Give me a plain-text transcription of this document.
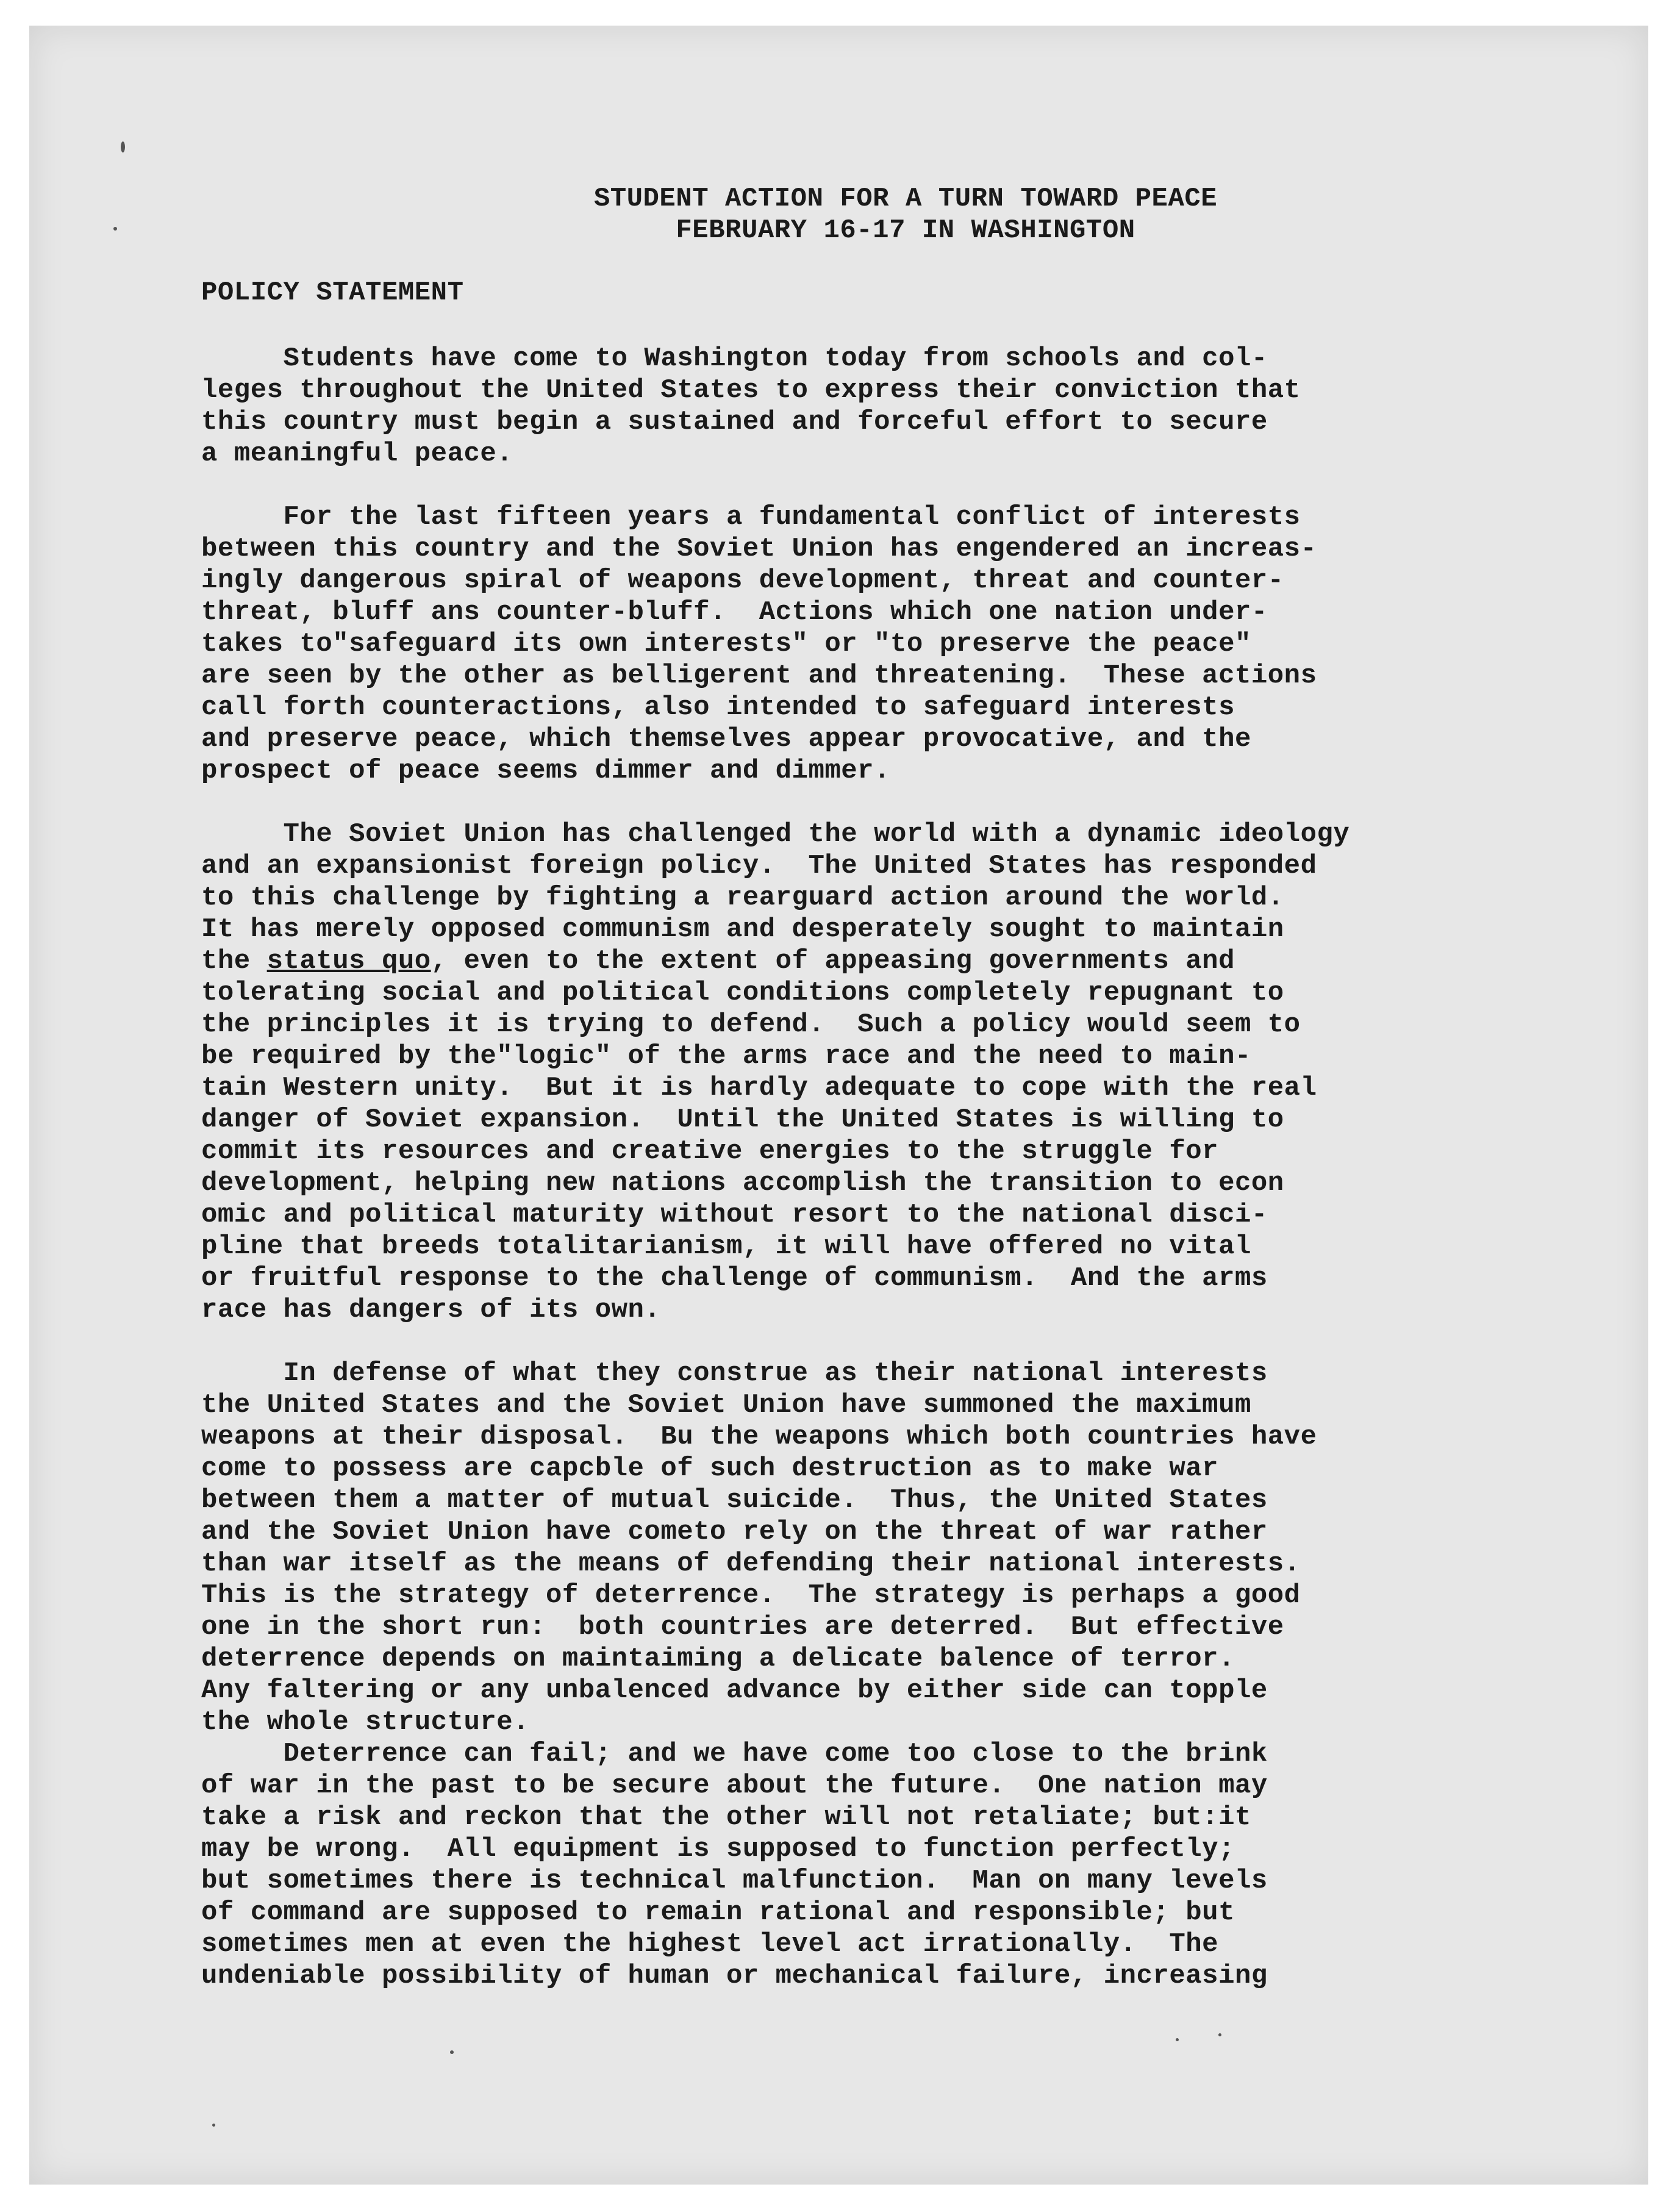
STUDENT ACTION FOR A TURN TOWARD PEACE
FEBRUARY 16-17 IN WASHINGTON
POLICY STATEMENT
Students have come to Washington today from schools and col-
leges throughout the United States to express their conviction that
this country must begin a sustained and forceful effort to secure
a meaningful peace.
For the last fifteen years a fundamental conflict of interests
between this country and the Soviet Union has engendered an increas-
ingly dangerous spiral of weapons development, threat and counter-
threat, bluff ans counter-bluff.  Actions which one nation under-
takes to"safeguard its own interests" or "to preserve the peace"
are seen by the other as belligerent and threatening.  These actions
call forth counteractions, also intended to safeguard interests
and preserve peace, which themselves appear provocative, and the
prospect of peace seems dimmer and dimmer.
The Soviet Union has challenged the world with a dynamic ideology
and an expansionist foreign policy.  The United States has responded
to this challenge by fighting a rearguard action around the world.
It has merely opposed communism and desperately sought to maintain
the status quo, even to the extent of appeasing governments and
tolerating social and political conditions completely repugnant to
the principles it is trying to defend.  Such a policy would seem to
be required by the"logic" of the arms race and the need to main-
tain Western unity.  But it is hardly adequate to cope with the real
danger of Soviet expansion.  Until the United States is willing to
commit its resources and creative energies to the struggle for
development, helping new nations accomplish the transition to econ
omic and political maturity without resort to the national disci-
pline that breeds totalitarianism, it will have offered no vital
or fruitful response to the challenge of communism.  And the arms
race has dangers of its own.
In defense of what they construe as their national interests
the United States and the Soviet Union have summoned the maximum
weapons at their disposal.  Bu the weapons which both countries have
come to possess are capcble of such destruction as to make war
between them a matter of mutual suicide.  Thus, the United States
and the Soviet Union have cometo rely on the threat of war rather
than war itself as the means of defending their national interests.
This is the strategy of deterrence.  The strategy is perhaps a good
one in the short run:  both countries are deterred.  But effective
deterrence depends on maintaiming a delicate balence of terror.
Any faltering or any unbalenced advance by either side can topple
the whole structure.
Deterrence can fail; and we have come too close to the brink
of war in the past to be secure about the future.  One nation may
take a risk and reckon that the other will not retaliate; but:it
may be wrong.  All equipment is supposed to function perfectly;
but sometimes there is technical malfunction.  Man on many levels
of command are supposed to remain rational and responsible; but
sometimes men at even the highest level act irrationally.  The
undeniable possibility of human or mechanical failure, increasing
